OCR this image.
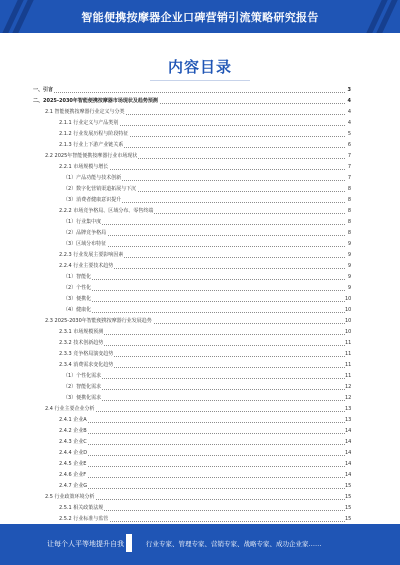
智能便携按摩器企业口碑营销引流策略研究报告
内容目录
一、引言	3
二、2025-2030年智能便携按摩器市场现状及趋势预测	4
2.1 智能便携按摩器行业定义与分类	4
2.1.1 行业定义与产品类别	4
2.1.2 行业发展历程与阶段特征	5
2.1.3 行业上下游产业链关系	6
2.2 2025年智能便携按摩器行业市场现状	7
2.2.1 市场规模与增长	7
（1）产品功能与技术创新	7
（2）数字化营销渠道拓展与下沉	8
（3）消费者健康意识提升	8
2.2.2 市场竞争格局、区域分布、零售终端	8
（1）行业集中度	8
（2）品牌竞争格局	8
（3）区域分布特征	9
2.2.3 行业发展主要影响因素	9
2.2.4 行业主要技术趋势	9
（1）智能化	9
（2）个性化	9
（3）便携化	10
（4）健康化	10
2.3 2025-2030年智能便携按摩器行业发展趋势	10
2.3.1 市场规模预测	10
2.3.2 技术创新趋势	11
2.3.3 竞争格局演变趋势	11
2.3.4 消费需求变化趋势	11
（1）个性化需求	11
（2）智能化需求	12
（3）便携化需求	12
2.4 行业主要企业分析	13
2.4.1 企业A	13
2.4.2 企业B	14
2.4.3 企业C	14
2.4.4 企业D	14
2.4.5 企业E	14
2.4.6 企业F	14
2.4.7 企业G	15
2.5 行业政策环境分析	15
2.5.1 相关政策法规	15
2.5.2 行业标准与监管	15
让每个人平等地提升自我	行业专家、管理专家、营销专家、战略专家、成功企业家……
